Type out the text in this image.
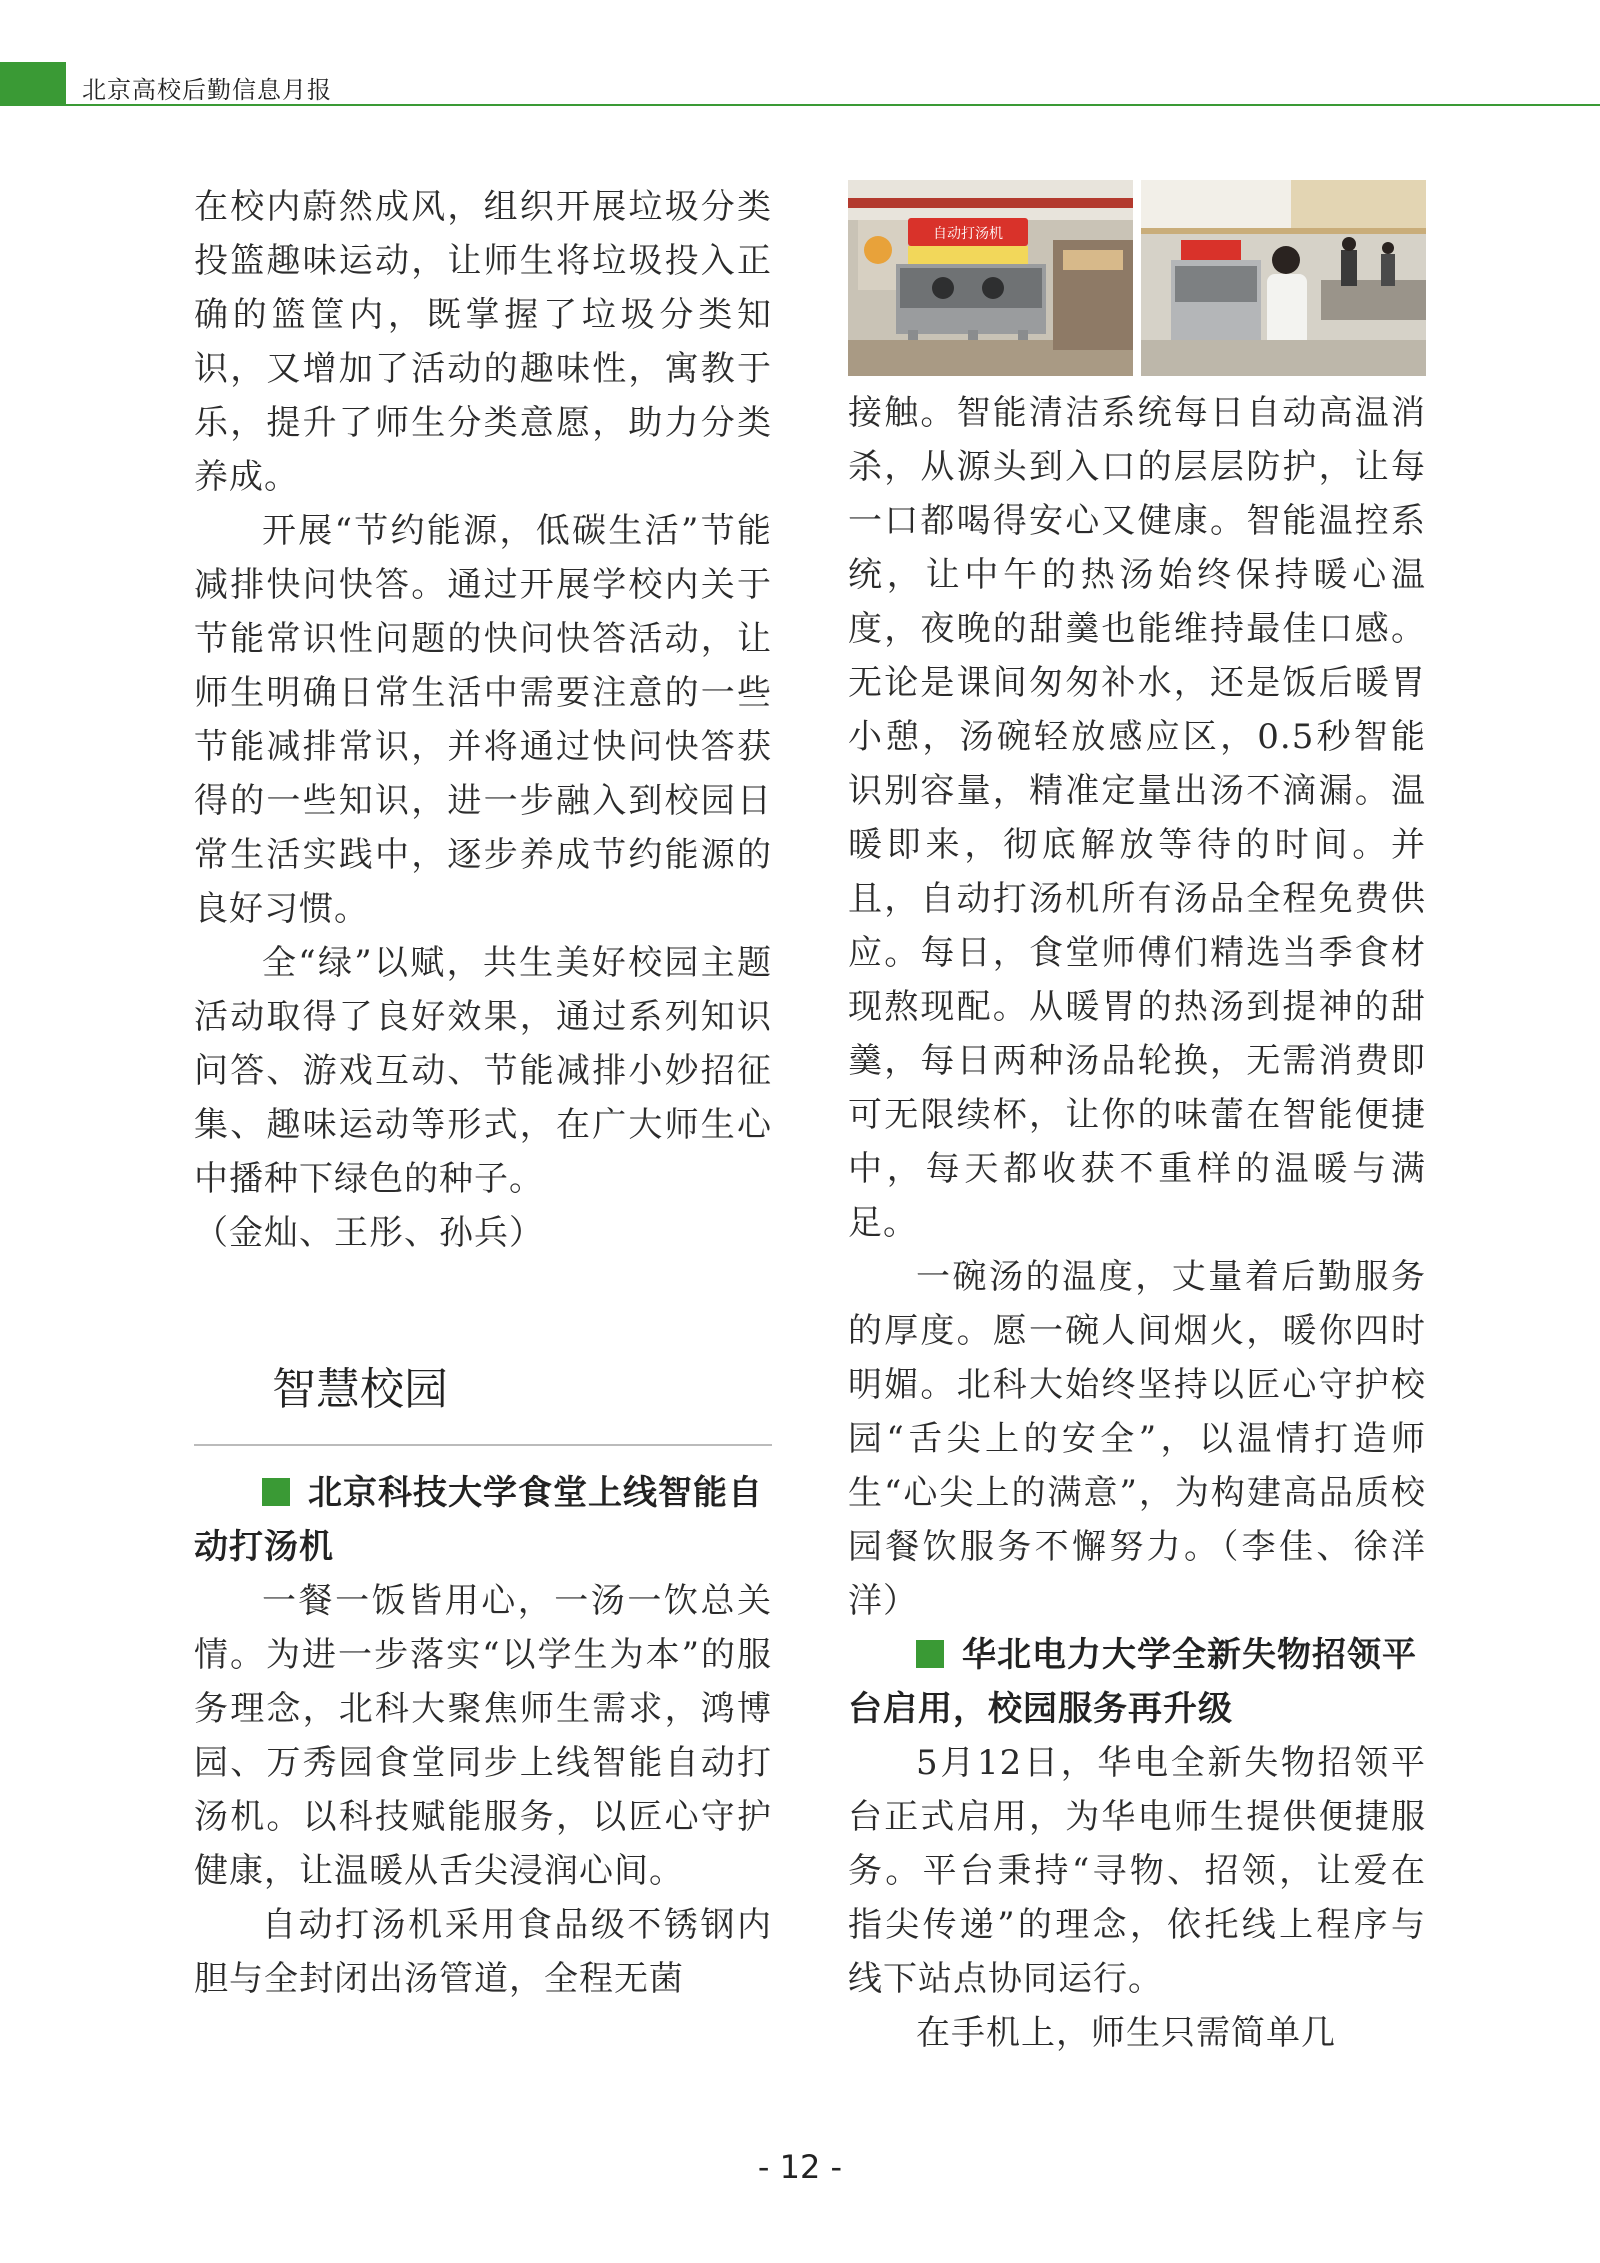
北京高校后勤信息月报

在校内蔚然成风，组织开展垃圾分类投篮趣味运动，让师生将垃圾投入正确的篮筐内，既掌握了垃圾分类知识，又增加了活动的趣味性，寓教于乐，提升了师生分类意愿，助力分类养成。

开展“节约能源，低碳生活”节能减排快问快答。通过开展学校内关于节能常识性问题的快问快答活动，让师生明确日常生活中需要注意的一些节能减排常识，并将通过快问快答获得的一些知识，进一步融入到校园日常生活实践中，逐步养成节约能源的良好习惯。

全“绿”以赋，共生美好校园主题活动取得了良好效果，通过系列知识问答、游戏互动、节能减排小妙招征集、趣味运动等形式，在广大师生心中播种下绿色的种子。

（金灿、王彤、孙兵）

智慧校园
北京科技大学食堂上线智能自动打汤机

一餐一饭皆用心，一汤一饮总关情。为进一步落实“以学生为本”的服务理念，北科大聚焦师生需求，鸿博园、万秀园食堂同步上线智能自动打汤机。以科技赋能服务，以匠心守护健康，让温暖从舌尖浸润心间。

自动打汤机采用食品级不锈钢内胆与全封闭出汤管道，全程无菌

自动打汤机

接触。智能清洁系统每日自动高温消杀，从源头到入口的层层防护，让每一口都喝得安心又健康。智能温控系统，让中午的热汤始终保持暖心温度，夜晚的甜羹也能维持最佳口感。无论是课间匆匆补水，还是饭后暖胃小憩，汤碗轻放感应区，0.5秒智能识别容量，精准定量出汤不滴漏。温暖即来，彻底解放等待的时间。并且，自动打汤机所有汤品全程免费供应。每日，食堂师傅们精选当季食材现熬现配。从暖胃的热汤到提神的甜羹，每日两种汤品轮换，无需消费即可无限续杯，让你的味蕾在智能便捷中，每天都收获不重样的温暖与满足。

一碗汤的温度，丈量着后勤服务的厚度。愿一碗人间烟火，暖你四时明媚。北科大始终坚持以匠心守护校园“舌尖上的安全”，以温情打造师生“心尖上的满意”，为构建高品质校园餐饮服务不懈努力。（李佳、徐洋洋）

华北电力大学全新失物招领平台启用，校园服务再升级

5月12日，华电全新失物招领平台正式启用，为华电师生提供便捷服务。平台秉持“寻物、招领，让爱在指尖传递”的理念，依托线上程序与线下站点协同运行。

在手机上，师生只需简单几

- 12 -
